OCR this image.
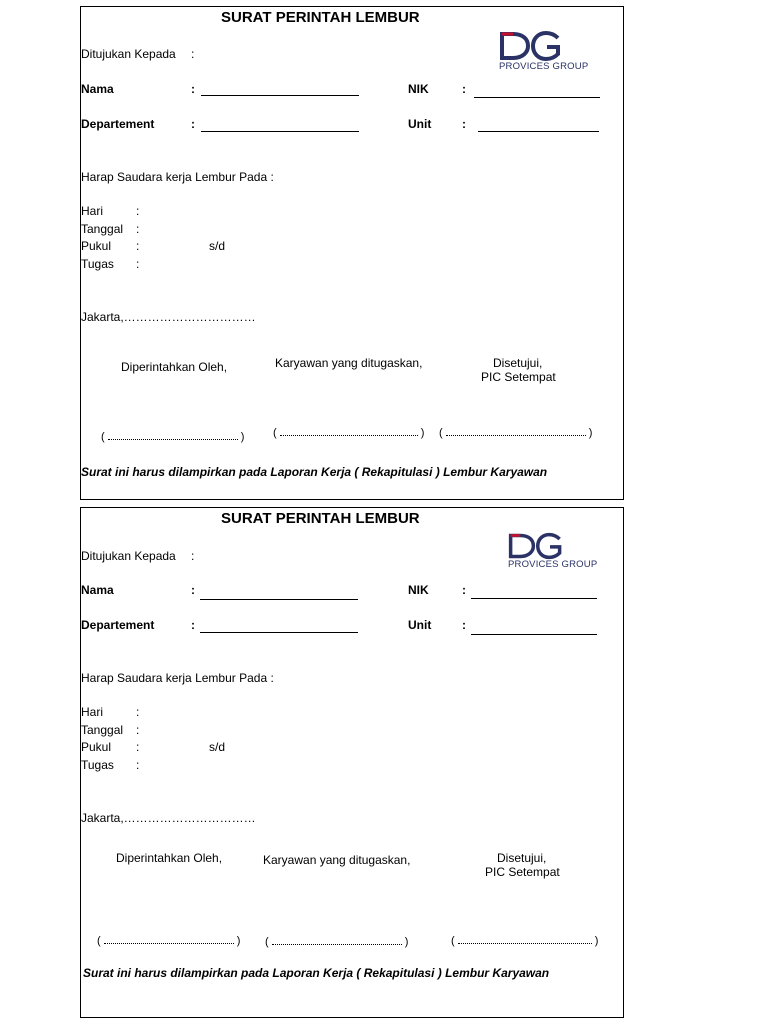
SURAT PERINTAH LEMBUR
PROVICES GROUP
Ditujukan Kepada :
Nama	:	NIK	:
Departement	:	Unit	:
Harap Saudara kerja Lembur Pada :
Hari	:
Tanggal :
Pukul :	s/d
Tugas :
Jakarta,……………………………
Diperintahkan Oleh,	Karyawan yang ditugaskan,	Disetujui,
PIC Setempat
(	)	(	) (	)
Surat ini harus dilampirkan pada Laporan Kerja ( Rekapitulasi ) Lembur Karyawan
SURAT PERINTAH LEMBUR
PROVICES GROUP
Ditujukan Kepada :
Nama	:	NIK	:
Departement	:	Unit	:
Harap Saudara kerja Lembur Pada :
Hari	:
Tanggal :
Pukul :	s/d
Tugas :
Jakarta,……………………………
Diperintahkan Oleh,	Karyawan yang ditugaskan,	Disetujui,
PIC Setempat
(	) (	)	(	)
Surat ini harus dilampirkan pada Laporan Kerja ( Rekapitulasi ) Lembur Karyawan
